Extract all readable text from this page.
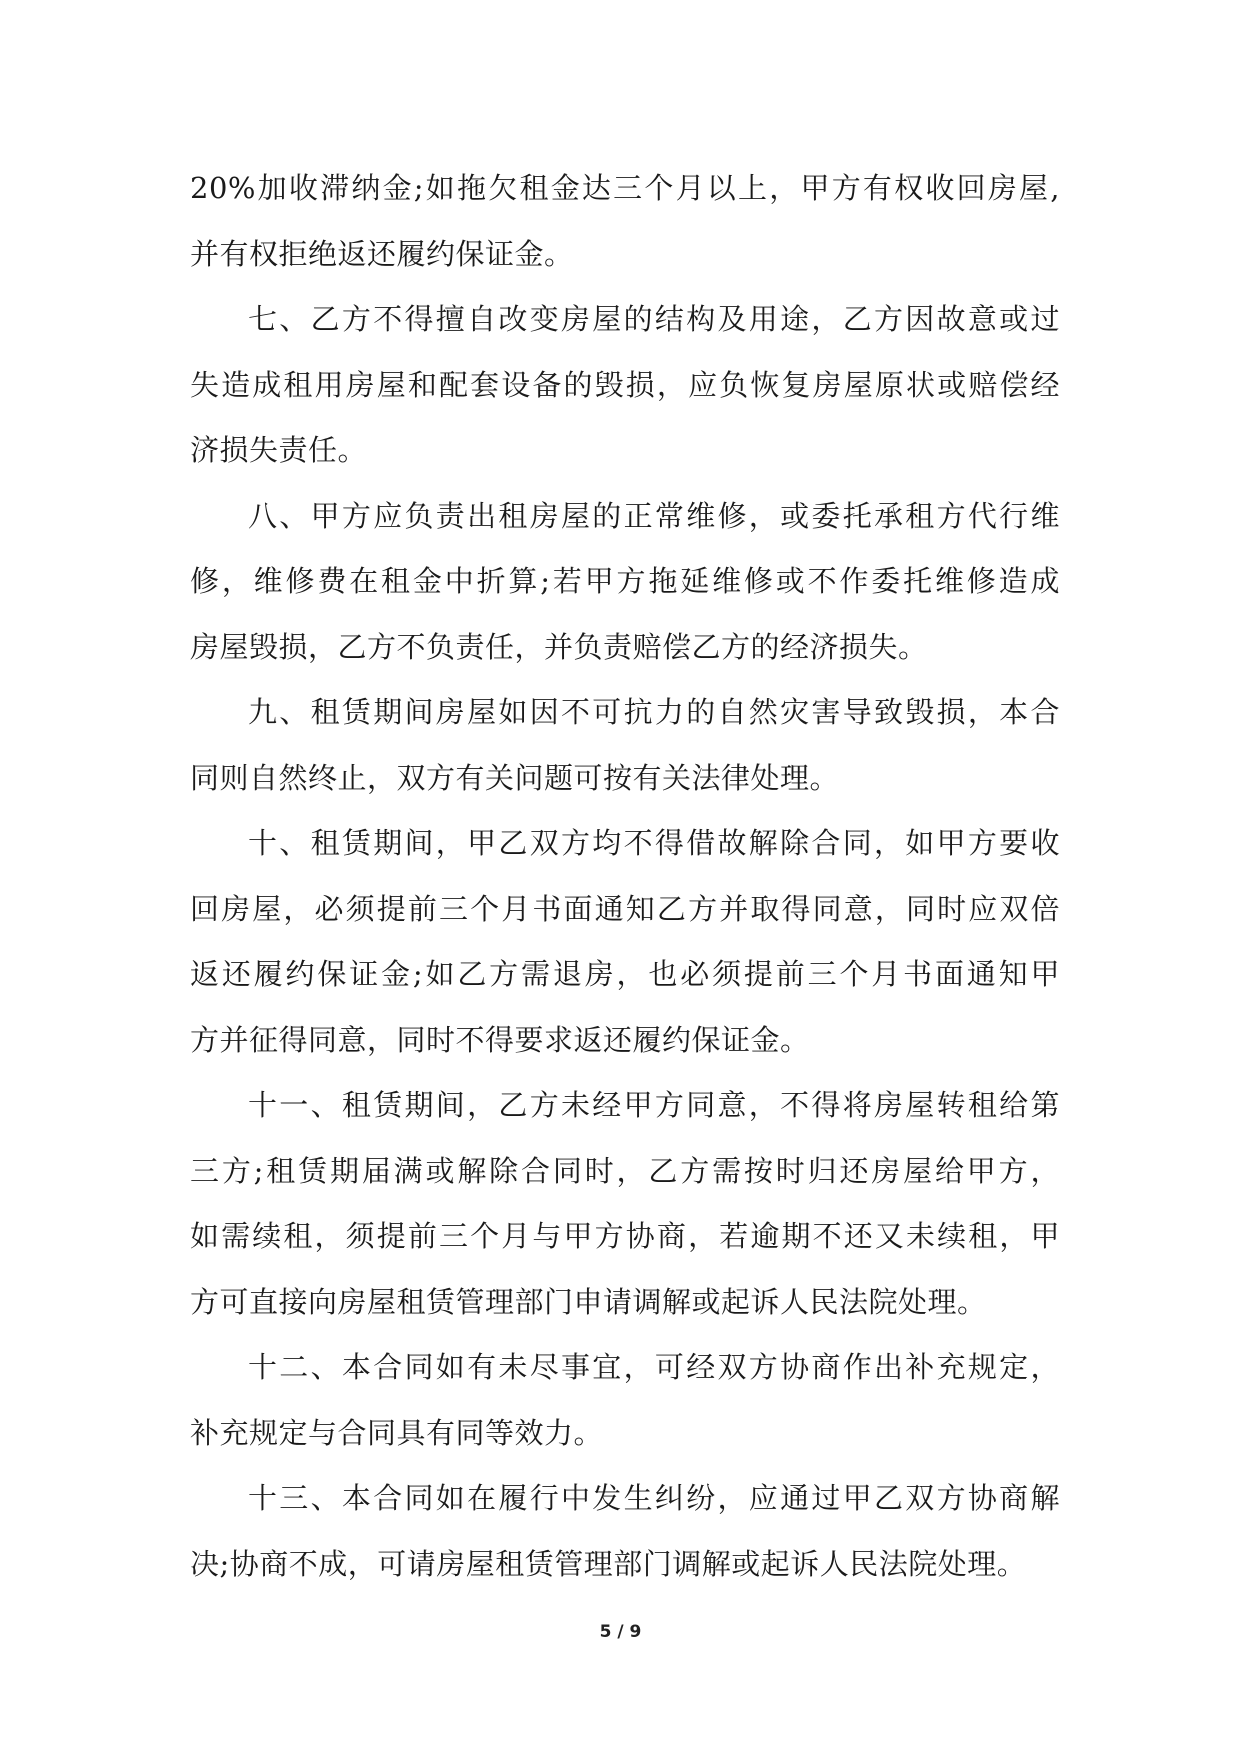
20%加收滞纳金;如拖欠租金达三个月以上，甲方有权收回房屋,
并有权拒绝返还履约保证金。

七、乙方不得擅自改变房屋的结构及用途，乙方因故意或过
失造成租用房屋和配套设备的毁损，应负恢复房屋原状或赔偿经
济损失责任。

八、甲方应负责出租房屋的正常维修，或委托承租方代行维
修，维修费在租金中折算;若甲方拖延维修或不作委托维修造成
房屋毁损，乙方不负责任，并负责赔偿乙方的经济损失。

九、租赁期间房屋如因不可抗力的自然灾害导致毁损，本合
同则自然终止，双方有关问题可按有关法律处理。

十、租赁期间，甲乙双方均不得借故解除合同，如甲方要收
回房屋，必须提前三个月书面通知乙方并取得同意，同时应双倍
返还履约保证金;如乙方需退房，也必须提前三个月书面通知甲
方并征得同意，同时不得要求返还履约保证金。

十一、租赁期间，乙方未经甲方同意，不得将房屋转租给第
三方;租赁期届满或解除合同时，乙方需按时归还房屋给甲方，
如需续租，须提前三个月与甲方协商，若逾期不还又未续租，甲
方可直接向房屋租赁管理部门申请调解或起诉人民法院处理。

十二、本合同如有未尽事宜，可经双方协商作出补充规定，
补充规定与合同具有同等效力。

十三、本合同如在履行中发生纠纷，应通过甲乙双方协商解
决;协商不成，可请房屋租赁管理部门调解或起诉人民法院处理。

5 / 9
